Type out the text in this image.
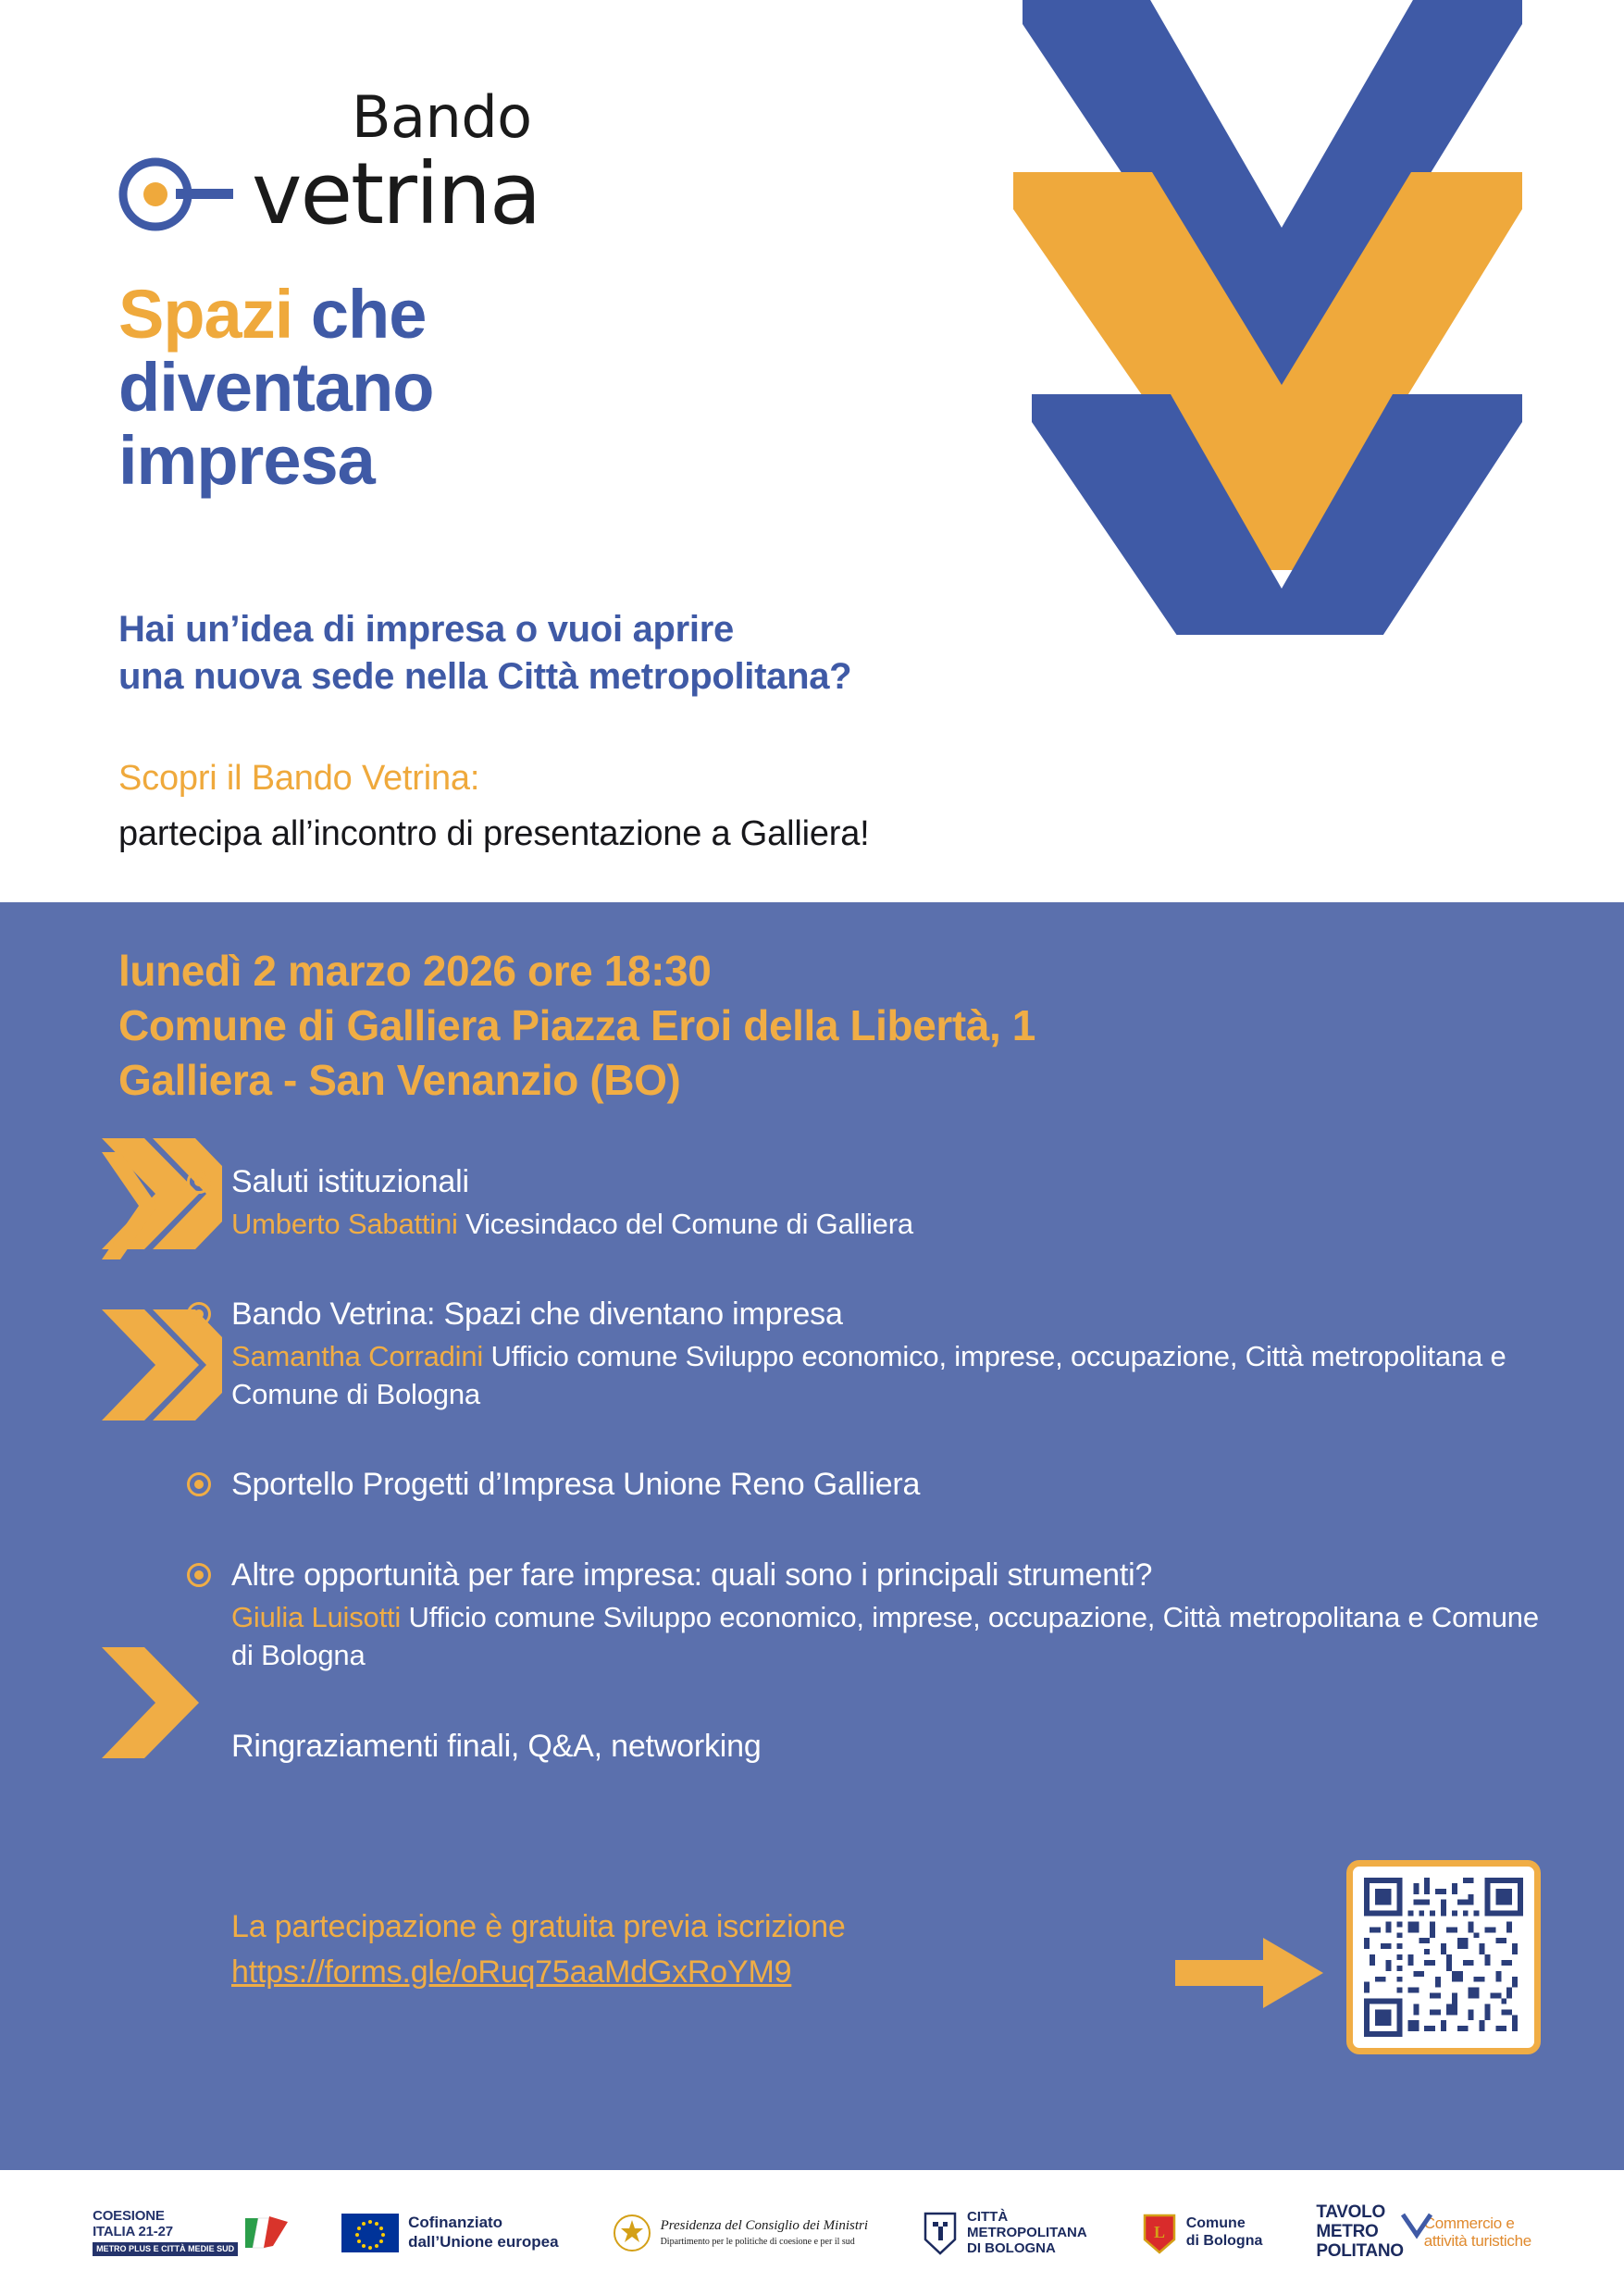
Bando
vetrina
Spazi che
diventano
impresa
Hai un’idea di impresa o vuoi aprire
una nuova sede nella Città metropolitana?
Scopri il Bando Vetrina:
partecipa all’incontro di presentazione a Galliera!
lunedì 2 marzo 2026 ore 18:30
Comune di Galliera Piazza Eroi della Libertà, 1
Galliera - San Venanzio (BO)
Saluti istituzionali
Umberto Sabattini Vicesindaco del Comune di Galliera
Bando Vetrina: Spazi che diventano impresa
Samantha Corradini Ufficio comune Sviluppo economico, imprese, occupazione, Città metropolitana e Comune di Bologna
Sportello Progetti d’Impresa Unione Reno Galliera
Altre opportunità per fare impresa: quali sono i principali strumenti?
Giulia Luisotti Ufficio comune Sviluppo economico, imprese, occupazione, Città metropolitana e Comune di Bologna
Ringraziamenti finali, Q&A, networking
La partecipazione è gratuita previa iscrizione
https://forms.gle/oRuq75aaMdGxRoYM9
COESIONE
ITALIA 21-27
METRO PLUS E CITTÀ MEDIE SUD
Cofinanziato
dall’Unione europea
Presidenza del Consiglio dei Ministri
Dipartimento per le politiche di coesione e per il sud
CITTÀ
METROPOLITANA
DI BOLOGNA
L Comune
di Bologna
TAVOLO
METRO
POLITANO
Commercio e
attività turistiche
